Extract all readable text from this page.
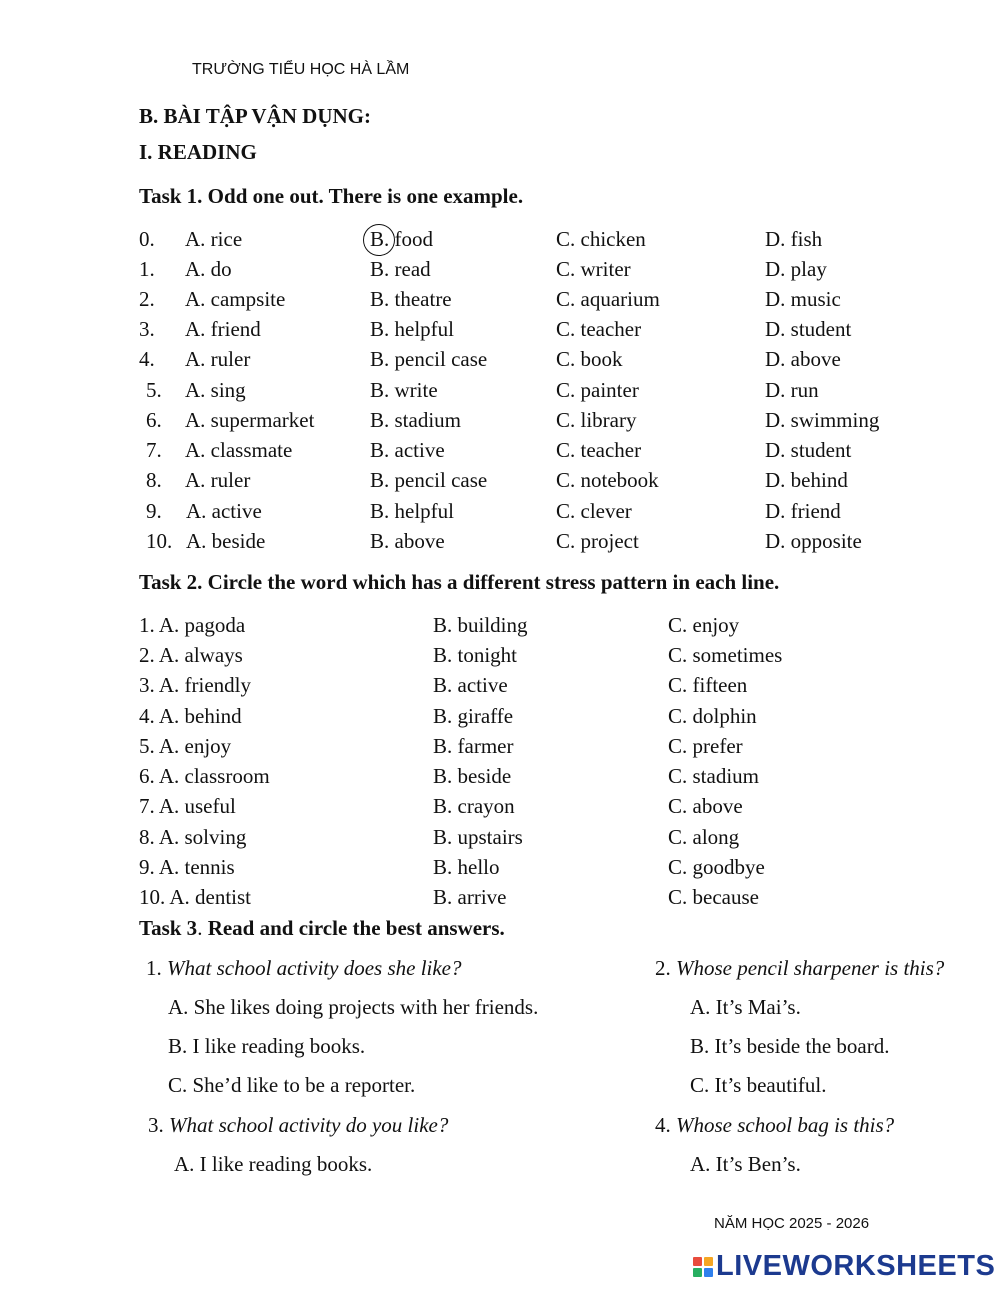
TRƯỜNG TIỂU HỌC HÀ LẦM
B. BÀI TẬP VẬN DỤNG:
I. READING
Task 1. Odd one out. There is one example.
0. A. rice	B. food	C. chicken	D. fish
1. A. do	B. read	C. writer	D. play
2. A. campsite	B. theatre	C. aquarium	D. music
3. A. friend	B. helpful	C. teacher	D. student
4. A. ruler	B. pencil case	C. book	D. above
5. A. sing	B. write	C. painter	D. run
6. A. supermarket	B. stadium	C. library	D. swimming
7. A. classmate	B. active	C. teacher	D. student
8. A. ruler	B. pencil case	C. notebook	D. behind
9. A. active	B. helpful	C. clever	D. friend
10. A. beside	B. above	C. project	D. opposite
Task 2. Circle the word which has a different stress pattern in each line.
1. A. pagoda	B. building	C. enjoy
2. A. always	B. tonight	C. sometimes
3. A. friendly	B. active	C. fifteen
4. A. behind	B. giraffe	C. dolphin
5. A. enjoy	B. farmer	C. prefer
6. A. classroom	B. beside	C. stadium
7. A. useful	B. crayon	C. above
8. A. solving	B. upstairs	C. along
9. A. tennis	B. hello	C. goodbye
10. A. dentist	B. arrive	C. because
Task 3. Read and circle the best answers.
1. What school activity does she like?
A. She likes doing projects with her friends.
B. I like reading books.
C. She’d like to be a reporter.
2. Whose pencil sharpener is this?
A. It’s Mai’s.
B. It’s beside the board.
C. It’s beautiful.
3. What school activity do you like?
A. I like reading books.
4. Whose school bag is this?
A. It’s Ben’s.
NĂM HỌC 2025 - 2026
LIVEWORKSHEETS
